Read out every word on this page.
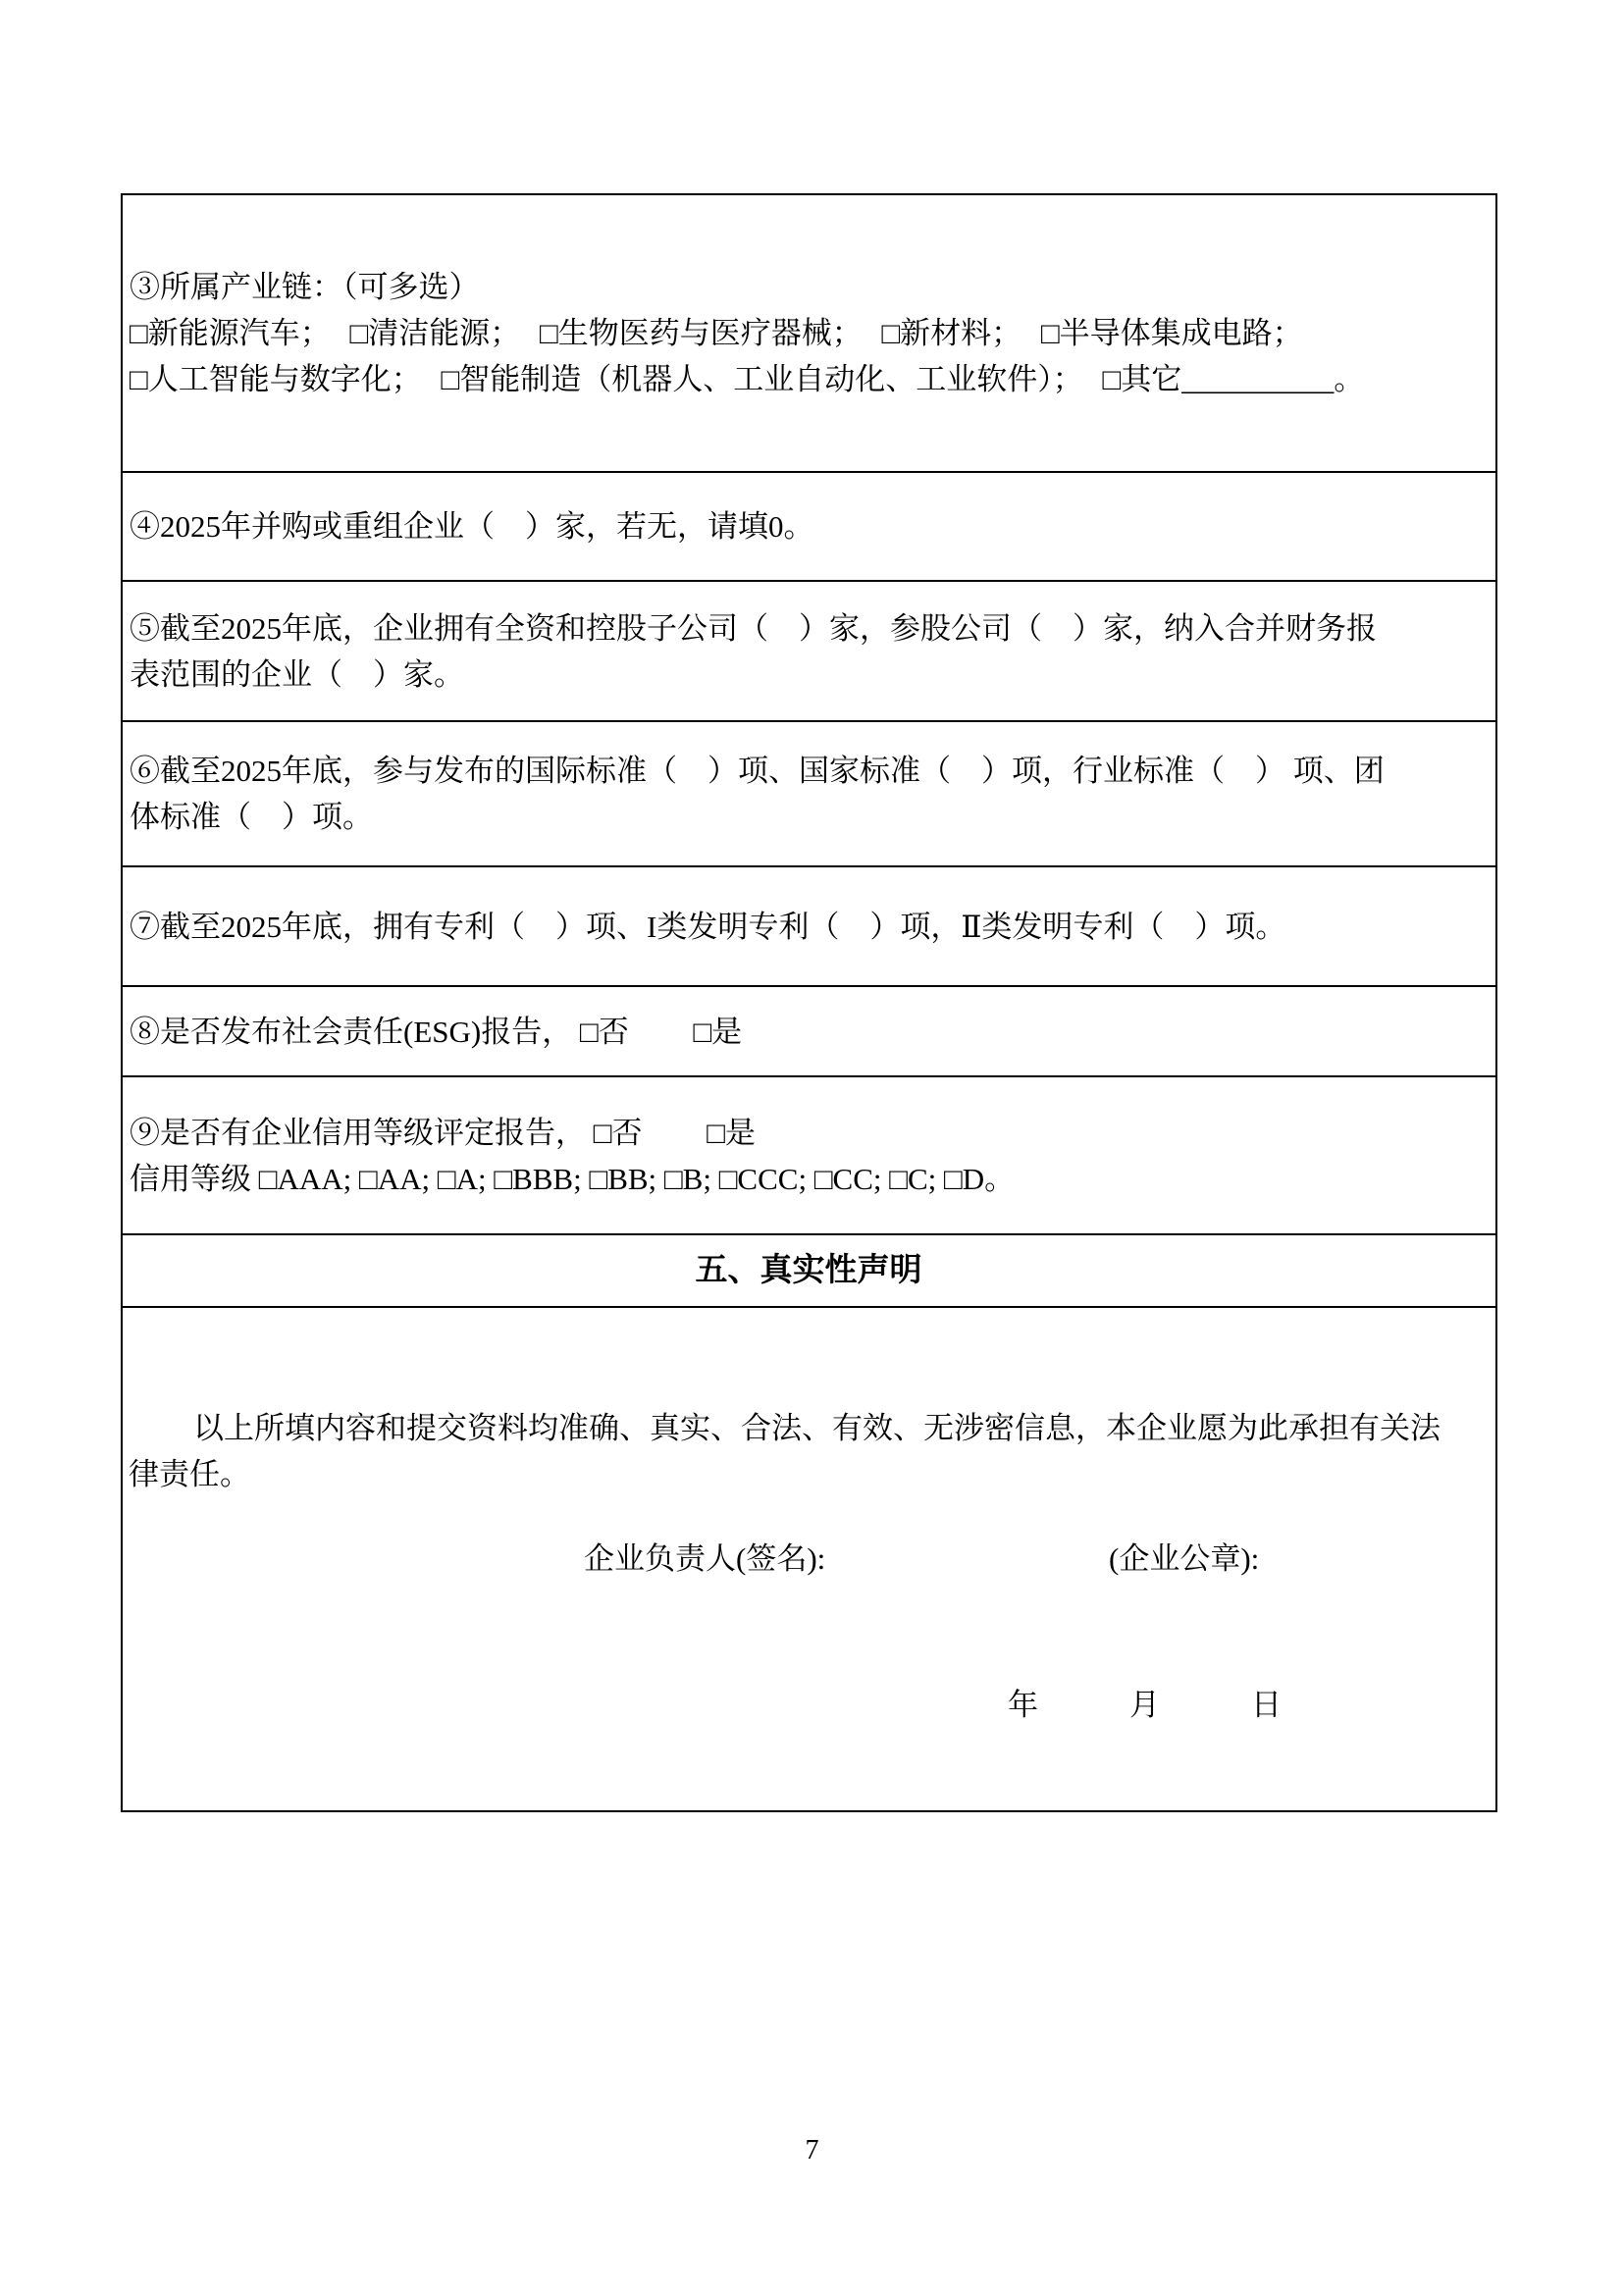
③所属产业链：（可多选）
□新能源汽车； □清洁能源； □生物医药与医疗器械； □新材料； □半导体集成电路；
□人工智能与数字化； □智能制造（机器人、工业自动化、工业软件）； □其它__________。
④2025年并购或重组企业（　）家，若无，请填0。
⑤截至2025年底，企业拥有全资和控股子公司（　）家，参股公司（　）家，纳入合并财务报
表范围的企业（　）家。
⑥截至2025年底，参与发布的国际标准（　）项、国家标准（　）项，行业标准（　） 项、团
体标准（　）项。
⑦截至2025年底，拥有专利（　）项、I类发明专利（　）项，Ⅱ类发明专利（　）项。
⑧是否发布社会责任(ESG)报告， □否 □是
⑨是否有企业信用等级评定报告， □否 □是
信用等级 □AAA; □AA; □A; □BBB; □BB; □B; □CCC; □CC; □C; □D。
五、真实性声明
以上所填内容和提交资料均准确、真实、合法、有效、无涉密信息，本企业愿为此承担有关法
律责任。
企业负责人(签名):	(企业公章):
年　　　月　　　日
7
